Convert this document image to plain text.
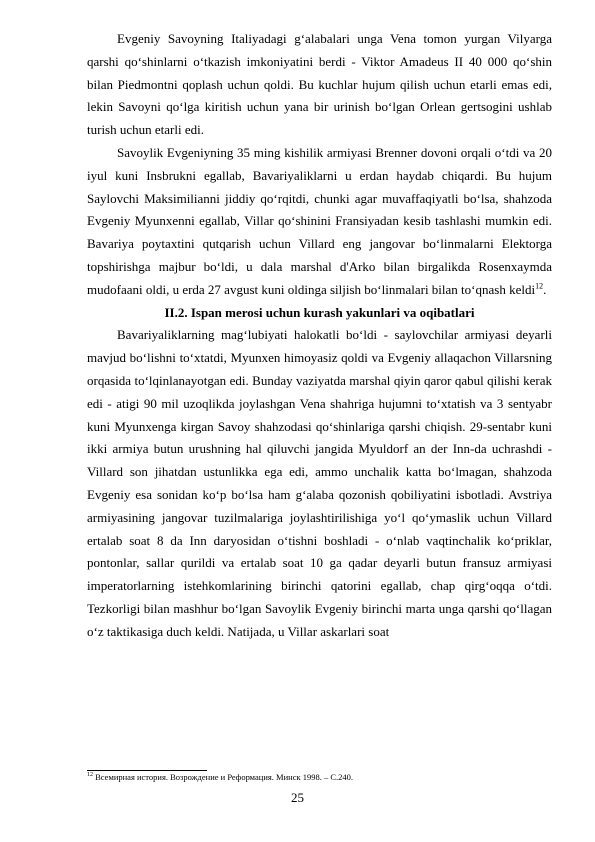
Evgeniy Savoyning Italiyadagi g‘alabalari unga Vena tomon yurgan Vilyarga qarshi qo‘shinlarni o‘tkazish imkoniyatini berdi - Viktor Amadeus II 40 000 qo‘shin bilan Piedmontni qoplash uchun qoldi. Bu kuchlar hujum qilish uchun etarli emas edi, lekin Savoyni qo‘lga kiritish uchun yana bir urinish bo‘lgan Orlean gertsogini ushlab turish uchun etarli edi.

Savoylik Evgeniyning 35 ming kishilik armiyasi Brenner dovoni orqali o‘tdi va 20 iyul kuni Insbrukni egallab, Bavariyaliklarni u erdan haydab chiqardi. Bu hujum Saylovchi Maksimilianni jiddiy qo‘rqitdi, chunki agar muvaffaqiyatli bo‘lsa, shahzoda Evgeniy Myunxenni egallab, Villar qo‘shinini Fransiyadan kesib tashlashi mumkin edi. Bavariya poytaxtini qutqarish uchun Villard eng jangovar bo‘linmalarni Elektorga topshirishga majbur bo‘ldi, u dala marshal d'Arko bilan birgalikda Rosenxaymda mudofaani oldi, u erda 27 avgust kuni oldinga siljish bo‘linmalari bilan to‘qnash keldi$^{12}$.

II.2. Ispan merosi uchun kurash yakunlari va oqibatlari

Bavariyaliklarning mag‘lubiyati halokatli bo‘ldi - saylovchilar armiyasi deyarli mavjud bo‘lishni to‘xtatdi, Myunxen himoyasiz qoldi va Evgeniy allaqachon Villarsning orqasida to‘lqinlanayotgan edi. Bunday vaziyatda marshal qiyin qaror qabul qilishi kerak edi - atigi 90 mil uzoqlikda joylashgan Vena shahriga hujumni to‘xtatish va 3 sentyabr kuni Myunxenga kirgan Savoy shahzodasi qo‘shinlariga qarshi chiqish. 29-sentabr kuni ikki armiya butun urushning hal qiluvchi jangida Myuldorf an der Inn-da uchrashdi - Villard son jihatdan ustunlikka ega edi, ammo unchalik katta bo‘lmagan, shahzoda Evgeniy esa sonidan ko‘p bo‘lsa ham g‘alaba qozonish qobiliyatini isbotladi. Avstriya armiyasining jangovar tuzilmalariga joylashtirilishiga yo‘l qo‘ymaslik uchun Villard ertalab soat 8 da Inn daryosidan o‘tishni boshladi - o‘nlab vaqtinchalik ko‘priklar, pontonlar, sallar qurildi va ertalab soat 10 ga qadar deyarli butun fransuz armiyasi imperatorlarning istehkomlarining birinchi qatorini egallab, chap qirg‘oqqa o‘tdi. Tezkorligi bilan mashhur bo‘lgan Savoylik Evgeniy birinchi marta unga qarshi qo‘llagan o‘z taktikasiga duch keldi. Natijada, u Villar askarlari soat

$^{12}$ Всемирная история. Возрождение и Реформация. Минск 1998. – С.240.
25
